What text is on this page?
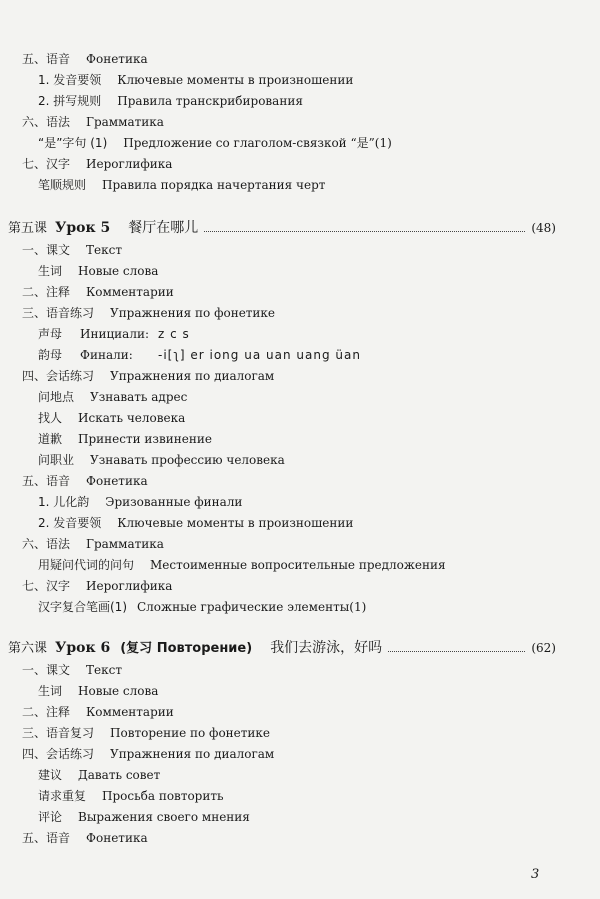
五、语音 Фонетика
1. 发音要领 Ключевые моменты в произношении
2. 拼写规则 Правила транскрибирования
六、语法 Грамматика
“是”字句 (1) Предложение со глаголом-связкой “是”(1)
七、汉字 Иероглифика
笔顺规则 Правила порядка начертания черт
第五课 Урок 5 餐厅在哪儿	(48)
一、课文 Текст
生词 Новые слова
二、注释 Комментарии
三、语音练习 Упражнения по фонетике
声母 Инициали: z c s
韵母 Финали: -i[ʅ] er iong ua uan uang üan
四、会话练习 Упражнения по диалогам
问地点 Узнавать адрес
找人 Искать человека
道歉 Принести извинение
问职业 Узнавать профессию человека
五、语音 Фонетика
1. 儿化韵 Эризованные финали
2. 发音要领 Ключевые моменты в произношении
六、语法 Грамматика
用疑问代词的问句 Местоименные вопросительные предложения
七、汉字 Иероглифика
汉字复合笔画(1) Сложные графические элементы(1)
第六课 Урок 6 (复习 Повторение) 我们去游泳，好吗	(62)
一、课文 Текст
生词 Новые слова
二、注释 Комментарии
三、语音复习 Повторение по фонетике
四、会话练习 Упражнения по диалогам
建议 Давать совет
请求重复 Просьба повторить
评论 Выражения своего мнения
五、语音 Фонетика
3
